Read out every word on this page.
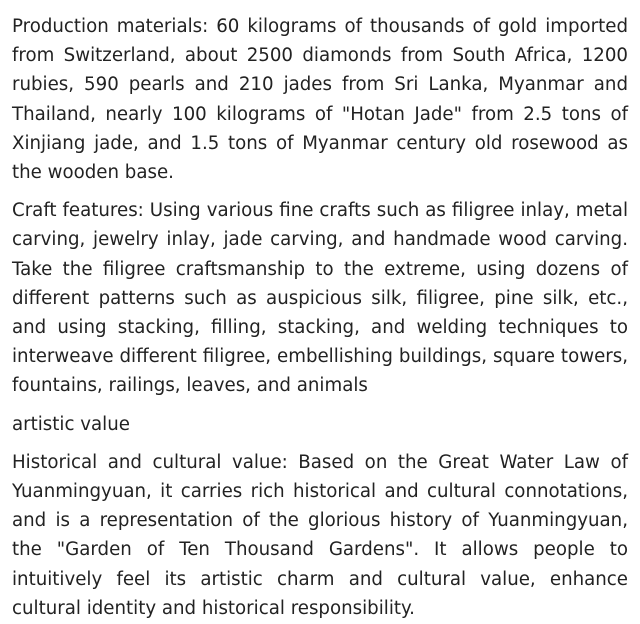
Production materials: 60 kilograms of thousands of gold imported from Switzerland, about 2500 diamonds from South Africa, 1200 rubies, 590 pearls and 210 jades from Sri Lanka, Myanmar and Thailand, nearly 100 kilograms of "Hotan Jade" from 2.5 tons of Xinjiang jade, and 1.5 tons of Myanmar century old rosewood as the wooden base.

Craft features: Using various fine crafts such as filigree inlay, metal carving, jewelry inlay, jade carving, and handmade wood carving. Take the filigree craftsmanship to the extreme, using dozens of different patterns such as auspicious silk, filigree, pine silk, etc., and using stacking, filling, stacking, and welding techniques to interweave different filigree, embellishing buildings, square towers, fountains, railings, leaves, and animals

artistic value

Historical and cultural value: Based on the Great Water Law of Yuanmingyuan, it carries rich historical and cultural connotations, and is a representation of the glorious history of Yuanmingyuan, the "Garden of Ten Thousand Gardens". It allows people to intuitively feel its artistic charm and cultural value, enhance cultural identity and historical responsibility.
